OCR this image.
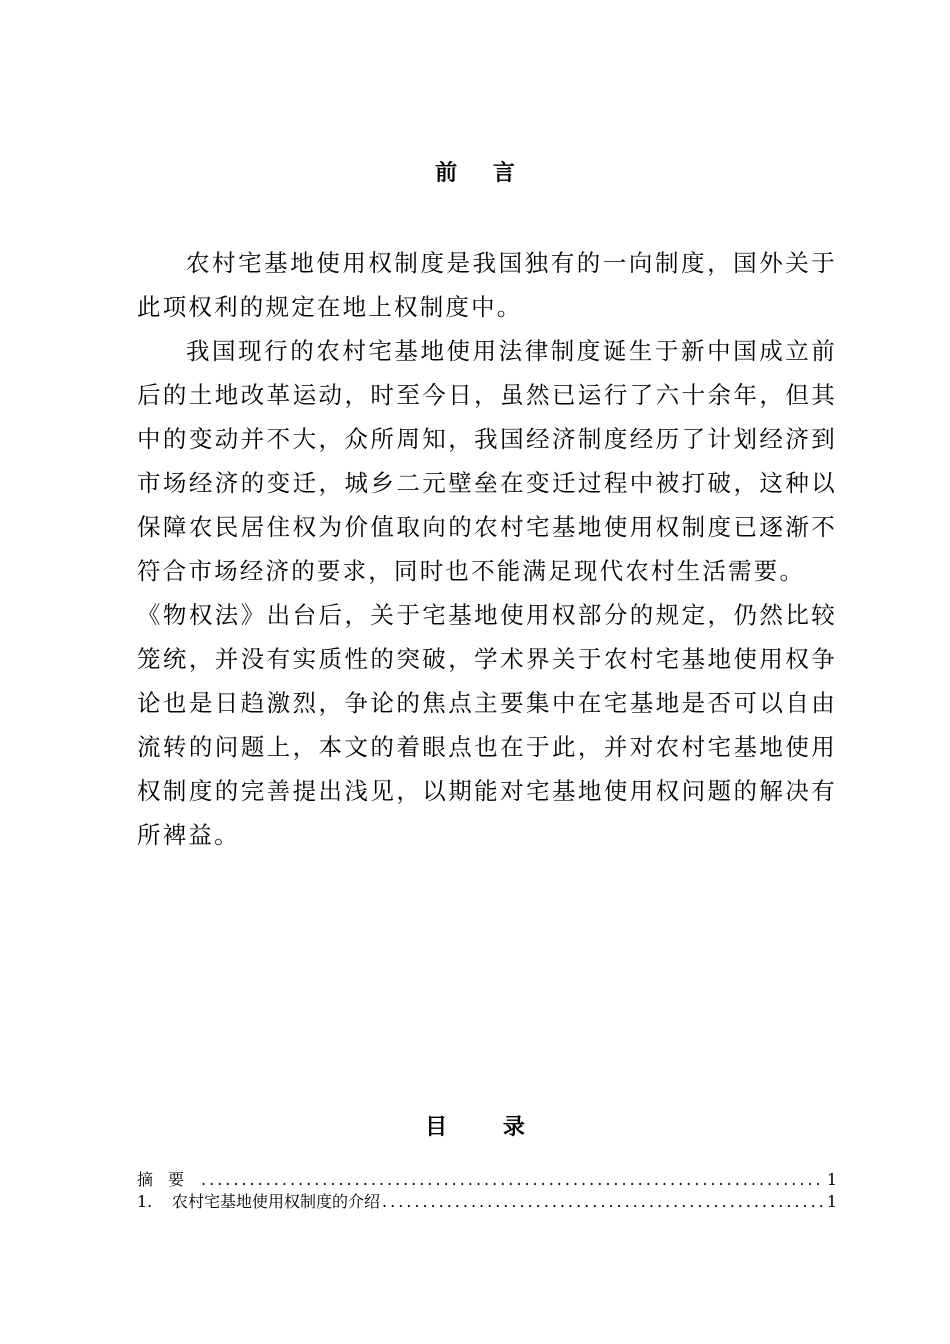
前 言

农村宅基地使用权制度是我国独有的一向制度，国外关于此项权利的规定在地上权制度中。

我国现行的农村宅基地使用法律制度诞生于新中国成立前后的土地改革运动，时至今日，虽然已运行了六十余年，但其中的变动并不大，众所周知，我国经济制度经历了计划经济到市场经济的变迁，城乡二元壁垒在变迁过程中被打破，这种以保障农民居住权为价值取向的农村宅基地使用权制度已逐渐不符合市场经济的要求，同时也不能满足现代农村生活需要。

《物权法》出台后，关于宅基地使用权部分的规定，仍然比较笼统，并没有实质性的突破，学术界关于农村宅基地使用权争论也是日趋激烈，争论的焦点主要集中在宅基地是否可以自由流转的问题上，本文的着眼点也在于此，并对农村宅基地使用权制度的完善提出浅见，以期能对宅基地使用权问题的解决有所裨益。

目 录
摘要 .....	1
1.	农村宅基地使用权制度的介绍 .....	1
